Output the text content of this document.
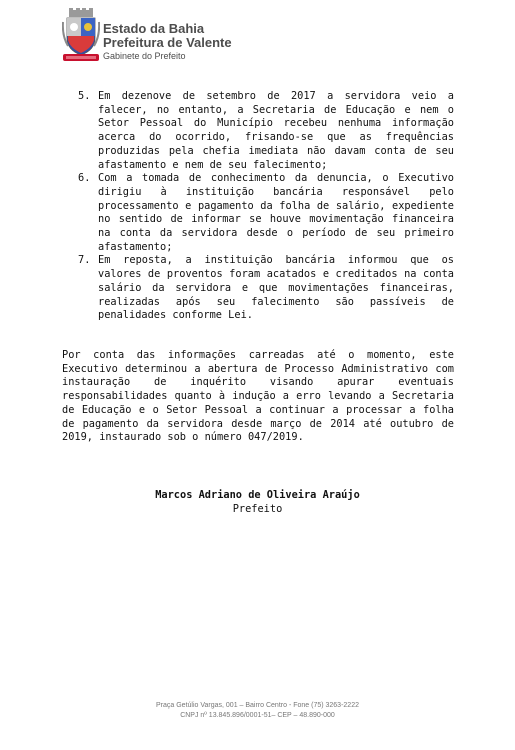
Estado da Bahia
Prefeitura de Valente
Gabinete do Prefeito
5. Em dezenove de setembro de 2017 a servidora veio a falecer, no entanto, a Secretaria de Educação e nem o Setor Pessoal do Município recebeu nenhuma informação acerca do ocorrido, frisando-se que as frequências produzidas pela chefia imediata não davam conta de seu afastamento e nem de seu falecimento;
6. Com a tomada de conhecimento da denuncia, o Executivo dirigiu à instituição bancária responsável pelo processamento e pagamento da folha de salário, expediente no sentido de informar se houve movimentação financeira na conta da servidora desde o período de seu primeiro afastamento;
7. Em reposta, a instituição bancária informou que os valores de proventos foram acatados e creditados na conta salário da servidora e que movimentações financeiras, realizadas após seu falecimento são passíveis de penalidades conforme Lei.
Por conta das informações carreadas até o momento, este Executivo determinou a abertura de Processo Administrativo com instauração de inquérito visando apurar eventuais responsabilidades quanto à indução a erro levando a Secretaria de Educação e o Setor Pessoal a continuar a processar a folha de pagamento da servidora desde março de 2014 até outubro de 2019, instaurado sob o número 047/2019.
Marcos Adriano de Oliveira Araújo
Prefeito
Praça Getúlio Vargas, 001 – Bairro Centro - Fone (75) 3263-2222
CNPJ nº 13.845.896/0001-51– CEP – 48.890-000
